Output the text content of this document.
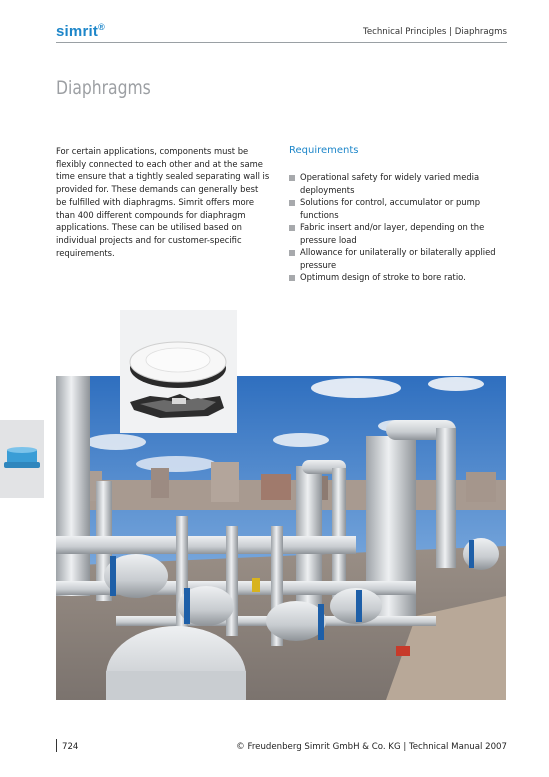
simrit®	Technical Principles | Diaphragms
Diaphragms
For certain applications, components must be flexibly connected to each other and at the same time ensure that a tightly sealed separating wall is provided for. These demands can generally best be fulfilled with diaphragms. Simrit offers more than 400 different compounds for diaphragm applications. These can be utilised based on individual projects and for customer-specific requirements.
Requirements
Operational safety for widely varied media deployments
Solutions for control, accumulator or pump functions
Fabric insert and/or layer, depending on the pressure load
Allowance for unilaterally or bilaterally applied pressure
Optimum design of stroke to bore ratio.
724	© Freudenberg Simrit GmbH & Co. KG | Technical Manual 2007
